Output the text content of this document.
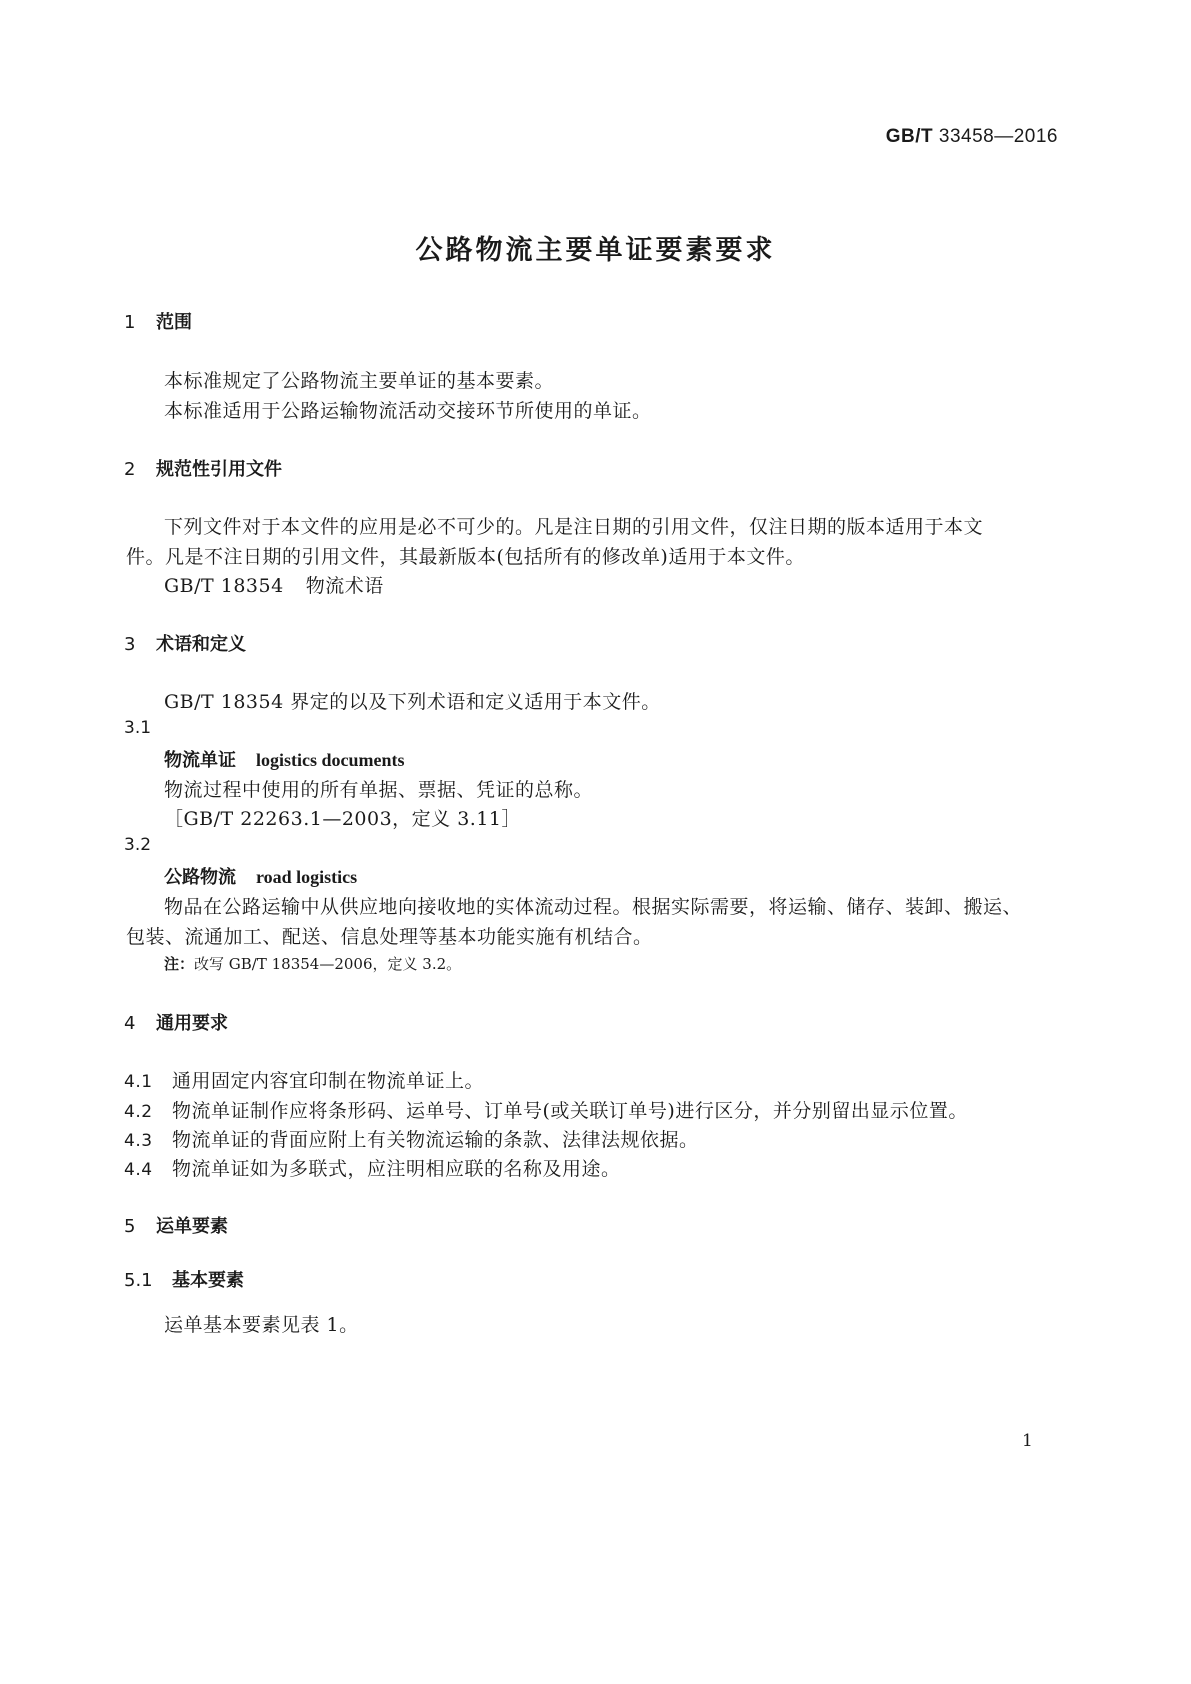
GB/T 33458—2016
公路物流主要单证要素要求
1 范围
本标准规定了公路物流主要单证的基本要素。
本标准适用于公路运输物流活动交接环节所使用的单证。
2 规范性引用文件
下列文件对于本文件的应用是必不可少的。凡是注日期的引用文件，仅注日期的版本适用于本文
件。凡是不注日期的引用文件，其最新版本(包括所有的修改单)适用于本文件。
GB/T 18354 物流术语
3 术语和定义
GB/T 18354 界定的以及下列术语和定义适用于本文件。
3.1
物流单证 logistics documents
物流过程中使用的所有单据、票据、凭证的总称。
［GB/T 22263.1—2003，定义 3.11］
3.2
公路物流 road logistics
物品在公路运输中从供应地向接收地的实体流动过程。根据实际需要，将运输、储存、装卸、搬运、
包装、流通加工、配送、信息处理等基本功能实施有机结合。
注：改写 GB/T 18354—2006，定义 3.2。
4 通用要求
4.1 通用固定内容宜印制在物流单证上。
4.2 物流单证制作应将条形码、运单号、订单号(或关联订单号)进行区分，并分别留出显示位置。
4.3 物流单证的背面应附上有关物流运输的条款、法律法规依据。
4.4 物流单证如为多联式，应注明相应联的名称及用途。
5 运单要素
5.1 基本要素
运单基本要素见表 1。
1
